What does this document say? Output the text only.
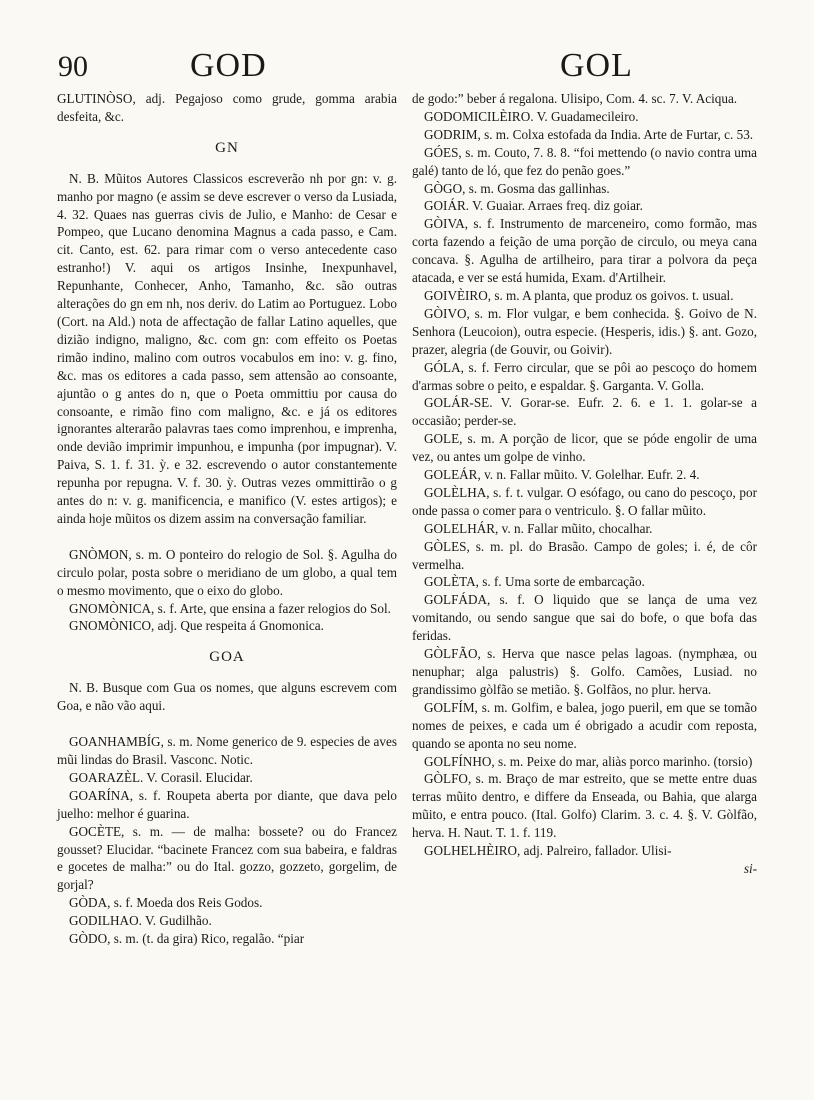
90	GOD	GOL

GLUTINÒSO, adj. Pegajoso como grude, gomma arabia desfeita, &c.

GN

N. B. Mũitos Autores Classicos escreverão nh por gn: v. g. manho por magno (e assim se deve escrever o verso da Lusiada, 4. 32. Quaes nas guerras civis de Julio, e Manho: de Cesar e Pompeo, que Lucano denomina Magnus a cada passo, e Cam. cit. Canto, est. 62. para rimar com o verso antecedente caso estranho!) V. aqui os artigos Insinhe, Inexpunhavel, Repunhante, Conhecer, Anho, Tamanho, &c. são outras alterações do gn em nh, nos deriv. do Latim ao Portuguez. Lobo (Cort. na Ald.) nota de affectação de fallar Latino aquelles, que dizião indigno, maligno, &c. com gn: com effeito os Poetas rimão indino, malino com outros vocabulos em ino: v. g. fino, &c. mas os editores a cada passo, sem attensão ao consoante, ajuntão o g antes do n, que o Poeta ommittiu por causa do consoante, e rimão fino com maligno, &c. e já os editores ignorantes alterarão palavras taes como imprenhou, e imprenha, onde devião imprimir impunhou, e impunha (por impugnar). V. Paiva, S. 1. f. 31. ỳ. e 32. escrevendo o autor constantemente repunha por repugna. V. f. 30. ỳ. Outras vezes ommittirão o g antes do n: v. g. manificencia, e manifico (V. estes artigos); e ainda hoje mũitos os dizem assim na conversação familiar.

GNÒMON, s. m. O ponteiro do relogio de Sol. §. Agulha do circulo polar, posta sobre o meridiano de um globo, a qual tem o mesmo movimento, que o eixo do globo.

GNOMÒNICA, s. f. Arte, que ensina a fazer relogios do Sol.

GNOMÒNICO, adj. Que respeita á Gnomonica.

GOA

N. B. Busque com Gua os nomes, que alguns escrevem com Goa, e não vão aqui.

GOANHAMBÍG, s. m. Nome generico de 9. especies de aves mũi lindas do Brasil. Vasconc. Notic.

GOARAZÈL. V. Corasil. Elucidar.

GOARÍNA, s. f. Roupeta aberta por diante, que dava pelo juelho: melhor é guarina.

GOCÈTE, s. m. — de malha: bossete? ou do Francez gousset? Elucidar. “bacinete Francez com sua babeira, e faldras e gocetes de malha:” ou do Ital. gozzo, gozzeto, gorgelim, de gorjal?

GÒDA, s. f. Moeda dos Reis Godos.

GODILHAO. V. Gudilhão.

GÒDO, s. m. (t. da gira) Rico, regalão. “piar

de godo:” beber á regalona. Ulisipo, Com. 4. sc. 7. V. Aciqua.

GODOMICILÈIRO. V. Guadamecileiro.

GODRIM, s. m. Colxa estofada da India. Arte de Furtar, c. 53.

GÓES, s. m. Couto, 7. 8. 8. “foi mettendo (o navio contra uma galé) tanto de ló, que fez do penão goes.”

GÒGO, s. m. Gosma das gallinhas.

GOIÁR. V. Guaiar. Arraes freq. diz goiar.

GÒIVA, s. f. Instrumento de marceneiro, como formão, mas corta fazendo a feição de uma porção de circulo, ou meya cana concava. §. Agulha de artilheiro, para tirar a polvora da peça atacada, e ver se está humida, Exam. d'Artilheir.

GOIVÈIRO, s. m. A planta, que produz os goivos. t. usual.

GÒIVO, s. m. Flor vulgar, e bem conhecida. §. Goivo de N. Senhora (Leucoion), outra especie. (Hesperis, idis.) §. ant. Gozo, prazer, alegria (de Gouvir, ou Goivir).

GÓLA, s. f. Ferro circular, que se pôi ao pescoço do homem d'armas sobre o peito, e espaldar. §. Garganta. V. Golla.

GOLÁR-SE. V. Gorar-se. Eufr. 2. 6. e 1. 1. golar-se a occasião; perder-se.

GOLE, s. m. A porção de licor, que se póde engolir de uma vez, ou antes um golpe de vinho.

GOLEÁR, v. n. Fallar mũito. V. Golelhar. Eufr. 2. 4.

GOLÈLHA, s. f. t. vulgar. O esófago, ou cano do pescoço, por onde passa o comer para o ventriculo. §. O fallar mũito.

GOLELHÁR, v. n. Fallar mũito, chocalhar.

GÒLES, s. m. pl. do Brasão. Campo de goles; i. é, de côr vermelha.

GOLÈTA, s. f. Uma sorte de embarcação.

GOLFÁDA, s. f. O liquido que se lança de uma vez vomitando, ou sendo sangue que sai do bofe, o que bofa das feridas.

GÒLFÃO, s. Herva que nasce pelas lagoas. (nymphæa, ou nenuphar; alga palustris) §. Golfo. Camões, Lusiad. no grandissimo gòlfão se metião. §. Golfãos, no plur. herva.

GOLFÍM, s. m. Golfim, e balea, jogo pueril, em que se tomão nomes de peixes, e cada um é obrigado a acudir com reposta, quando se aponta no seu nome.

GOLFÍNHO, s. m. Peixe do mar, aliàs porco marinho. (torsio)

GÒLFO, s. m. Braço de mar estreito, que se mette entre duas terras mũito dentro, e differe da Enseada, ou Bahia, que alarga mũito, e entra pouco. (Ital. Golfo) Clarim. 3. c. 4. §. V. Gòlfão, herva. H. Naut. T. 1. f. 119.

GOLHELHÈIRO, adj. Palreiro, fallador. Ulisi-

si-
